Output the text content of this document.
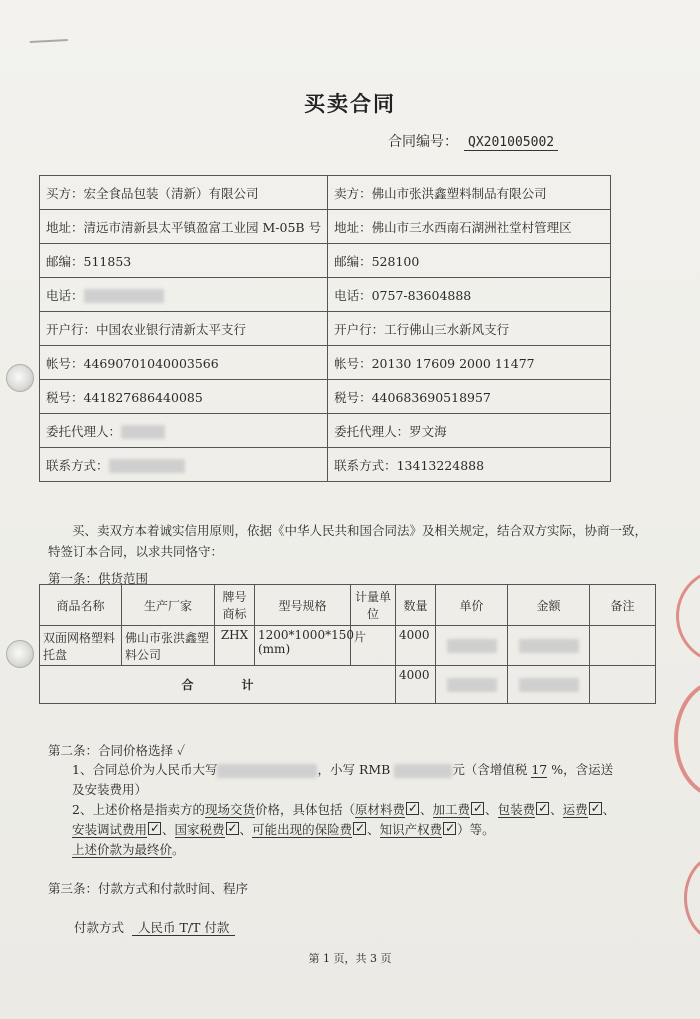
买卖合同
合同编号： QX201005002
买方：宏全食品包装（清新）有限公司	卖方：佛山市张洪鑫塑料制品有限公司
地址：清远市清新县太平镇盈富工业园 M-05B 号	地址：佛山市三水西南石湖洲社堂村管理区
邮编：511853	邮编：528100
电话：	电话：0757-83604888
开户行：中国农业银行清新太平支行	开户行：工行佛山三水新风支行
帐号：44690701040003566	帐号：20130 17609 2000 11477
税号：441827686440085	税号：440683690518957
委托代理人：	委托代理人：罗文海
联系方式：	联系方式：13413224888
买、卖双方本着诚实信用原则，依据《中华人民共和国合同法》及相关规定，结合双方实际，协商一致，特签订本合同，以求共同恪守：
第一条：供货范围
商品名称	生产厂家	牌号商标	型号规格	计量单位	数量	单价	金额	备注
双面网格塑料托盘	佛山市张洪鑫塑料公司	ZHX	1200*1000*150 (mm)	片	4000			
合　　　　计					4000			
第二条：合同价格选择 ✓
1、合同总价为人民币大写	，小写 RMB	元（含增值税 17 %，含运送
及安装费用）
2、上述价格是指卖方的现场交货价格，具体包括（原材料费 ✓ 、加工费 ✓ 、包装费 ✓ 、运费 ✓ 、
安装调试费用 ✓ 、国家税费 ✓ 、可能出现的保险费 ✓ 、知识产权费 ✓ ）等。
上述价款为最终价。
第三条：付款方式和付款时间、程序
付款方式 人民币 T/T 付款
第 1 页，共 3 页
